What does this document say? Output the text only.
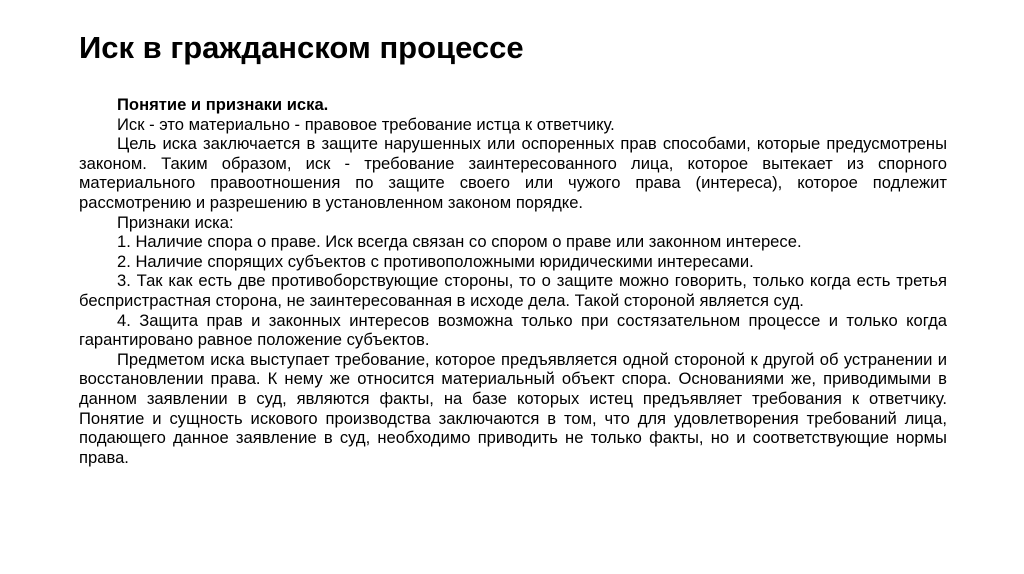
Иск в гражданском процессе

Понятие и признаки иска.

Иск - это материально - правовое требование истца к ответчику.

Цель иска заключается в защите нарушенных или оспоренных прав способами, которые предусмотрены законом. Таким образом, иск - требование заинтересованного лица, которое вытекает из спорного материального правоотношения по защите своего или чужого права (интереса), которое подлежит рассмотрению и разрешению в установленном законом порядке.

Признаки иска:

1. Наличие спора о праве. Иск всегда связан со спором о праве или законном интересе.

2. Наличие спорящих субъектов с противоположными юридическими интересами.

3. Так как есть две противоборствующие стороны, то о защите можно говорить, только когда есть третья беспристрастная сторона, не заинтересованная в исходе дела. Такой стороной является суд.

4. Защита прав и законных интересов возможна только при состязательном процессе и только когда гарантировано равное положение субъектов.

Предметом иска выступает требование, которое предъявляется одной стороной к другой об устранении и восстановлении права. К нему же относится материальный объект спора. Основаниями же, приводимыми в данном заявлении в суд, являются факты, на базе которых истец предъявляет требования к ответчику. Понятие и сущность искового производства заключаются в том, что для удовлетворения требований лица, подающего данное заявление в суд, необходимо приводить не только факты, но и соответствующие нормы права.
